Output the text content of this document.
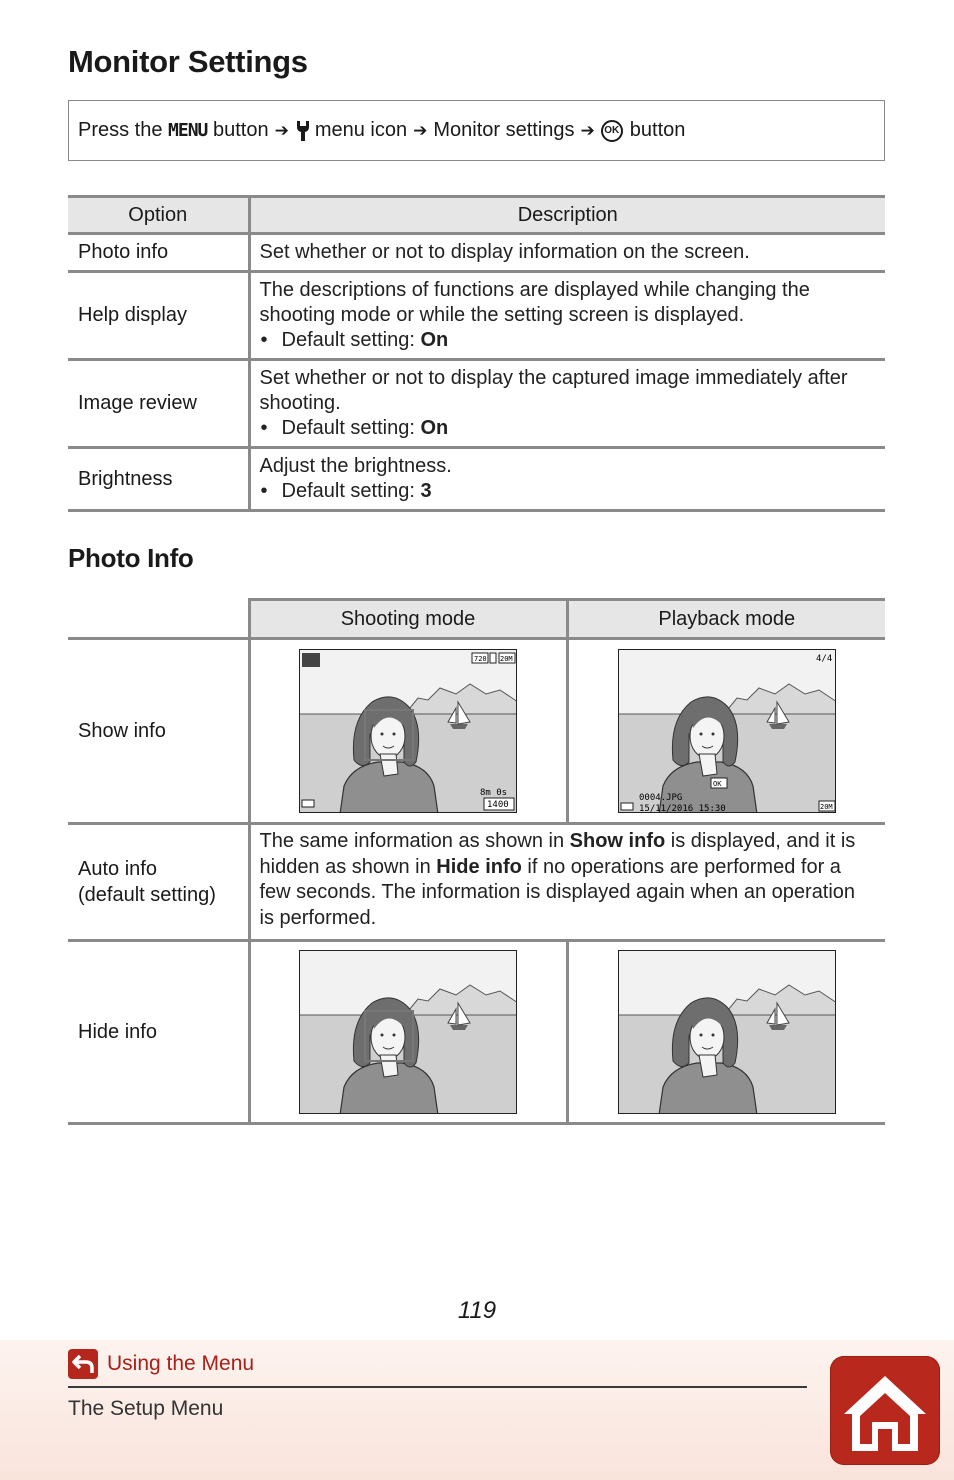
Monitor Settings
Press the
MENU
button ➔ menu icon ➔ Monitor settings ➔ OK button
Option	Description
Photo info	Set whether or not to display information on the screen.
Help display	The descriptions of functions are displayed while changing the shooting mode or while the setting screen is displayed.
• Default setting: On

Image review	Set whether or not to display the captured image immediately after shooting.
• Default setting: On

Brightness	Adjust the brightness.
• Default setting: 3
Photo Info
	Shooting mode	Playback mode
Show info	720 20M
8m 0s
1400	4/4
OK
0004.JPG
15/11/2016 15:30 20M

Auto info
(default setting)	The same information as shown in Show info is displayed, and it is hidden as shown in Hide info if no operations are performed for a few seconds. The information is displayed again when an operation is performed.	
Hide info	

119
Using the Menu
The Setup Menu
